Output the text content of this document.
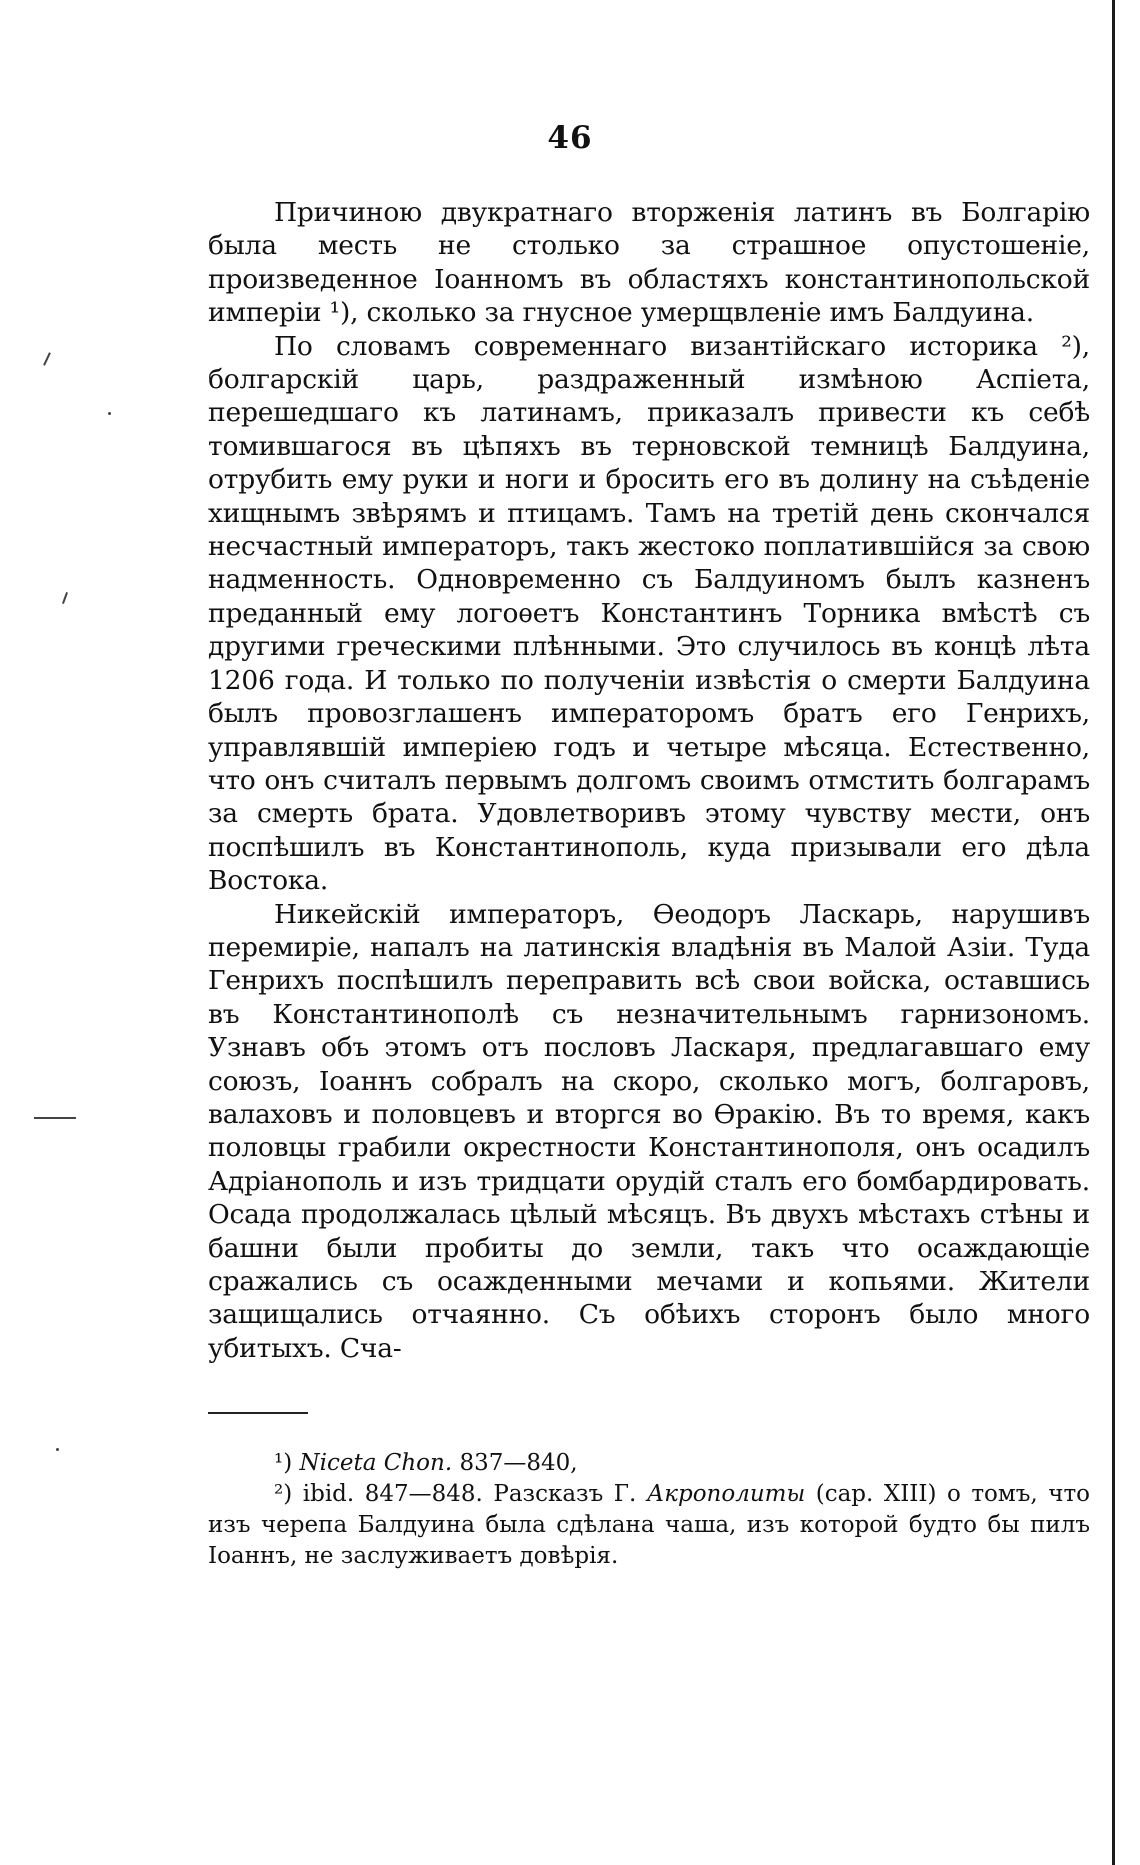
46

Причиною двукратнаго вторженія латинъ въ Болгарію была месть не столько за страшное опустошеніе, произведенное Іоанномъ въ областяхъ константинопольской имперіи ¹), сколько за гнусное умерщвленіе имъ Балдуина.

По словамъ современнаго византійскаго историка ²), болгарскій царь, раздраженный измѣною Аспіета, перешедшаго къ латинамъ, приказалъ привести къ себѣ томившагося въ цѣпяхъ въ терновской темницѣ Балдуина, отрубить ему руки и ноги и бросить его въ долину на съѣденіе хищнымъ звѣрямъ и птицамъ. Тамъ на третій день скончался несчастный императоръ, такъ жестоко поплатившійся за свою надменность. Одновременно съ Балдуиномъ былъ казненъ преданный ему логоѳетъ Константинъ Торника вмѣстѣ съ другими греческими плѣнными. Это случилось въ концѣ лѣта 1206 года. И только по полученіи извѣстія о смерти Балдуина былъ провозглашенъ императоромъ братъ его Генрихъ, управлявшій имперіею годъ и четыре мѣсяца. Естественно, что онъ считалъ первымъ долгомъ своимъ отмстить болгарамъ за смерть брата. Удовлетворивъ этому чувству мести, онъ поспѣшилъ въ Константинополь, куда призывали его дѣла Востока.

Никейскій императоръ, Ѳеодоръ Ласкарь, нарушивъ перемиріе, напалъ на латинскія владѣнія въ Малой Азіи. Туда Генрихъ поспѣшилъ переправить всѣ свои войска, оставшись въ Константинополѣ съ незначительнымъ гарнизономъ. Узнавъ объ этомъ отъ пословъ Ласкаря, предлагавшаго ему союзъ, Іоаннъ собралъ на скоро, сколько могъ, болгаровъ, валаховъ и половцевъ и вторгся во Ѳракію. Въ то время, какъ половцы грабили окрестности Константинополя, онъ осадилъ Адріанополь и изъ тридцати орудій сталъ его бомбардировать. Осада продолжалась цѣлый мѣсяцъ. Въ двухъ мѣстахъ стѣны и башни были пробиты до земли, такъ что осаждающіе сражались съ осажденными мечами и копьями. Жители защищались отчаянно. Съ обѣихъ сторонъ было много убитыхъ. Сча-

¹) Nicеta Chon. 837—840,

²) ibid. 847—848. Разсказъ Г. Акрополиты (сар. XIII) о томъ, что изъ черепа Балдуина была сдѣлана чаша, изъ которой будто бы пилъ Іоаннъ, не заслуживаетъ довѣрія.
